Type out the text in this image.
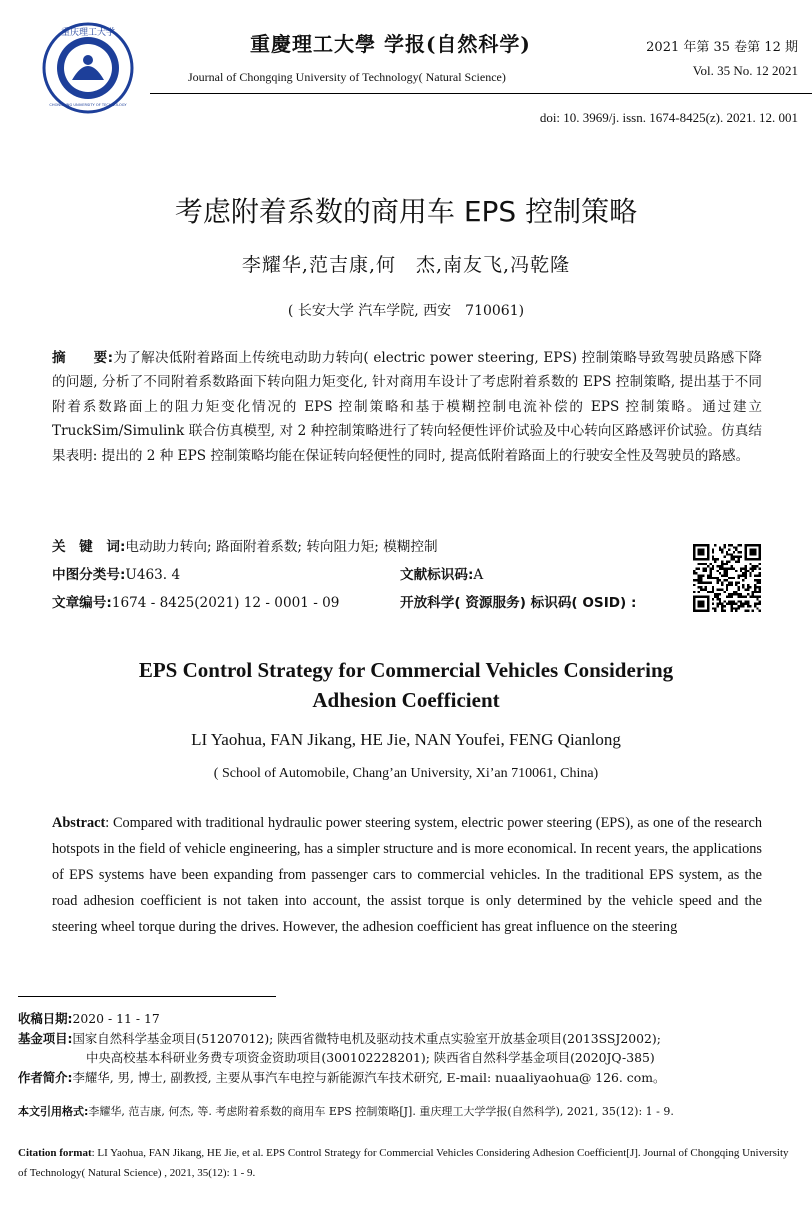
1940
重庆理工大学
CHONGQING UNIVERSITY OF TECHNOLOGY
重慶理工大學 学报(自然科学)
Journal of Chongqing University of Technology( Natural Science)
2021 年第 35 卷第 12 期
Vol. 35 No. 12 2021
doi: 10. 3969/j. issn. 1674-8425(z). 2021. 12. 001
考虑附着系数的商用车 EPS 控制策略
李耀华,范吉康,何　杰,南友飞,冯乾隆
( 长安大学 汽车学院, 西安　710061)
摘　　要:为了解决低附着路面上传统电动助力转向( electric power steering, EPS) 控制策略导致驾驶员路感下降的问题, 分析了不同附着系数路面下转向阻力矩变化, 针对商用车设计了考虑附着系数的 EPS 控制策略, 提出基于不同附着系数路面上的阻力矩变化情况的 EPS 控制策略和基于模糊控制电流补偿的 EPS 控制策略。通过建立 TruckSim/Simulink 联合仿真模型, 对 2 种控制策略进行了转向轻便性评价试验及中心转向区路感评价试验。仿真结果表明: 提出的 2 种 EPS 控制策略均能在保证转向轻便性的同时, 提高低附着路面上的行驶安全性及驾驶员的路感。
关　键　词:电动助力转向; 路面附着系数; 转向阻力矩; 模糊控制
中图分类号:U463. 4	文献标识码:A
文章编号:1674 - 8425(2021) 12 - 0001 - 09	开放科学( 资源服务) 标识码( OSID) :
EPS Control Strategy for Commercial Vehicles Considering
Adhesion Coefficient
LI Yaohua, FAN Jikang, HE Jie, NAN Youfei, FENG Qianlong
( School of Automobile, Chang’an University, Xi’an 710061, China)
Abstract: Compared with traditional hydraulic power steering system, electric power steering (EPS), as one of the research hotspots in the field of vehicle engineering, has a simpler structure and is more economical. In recent years, the applications of EPS systems have been expanding from passenger cars to commercial vehicles. In the traditional EPS system, as the road adhesion coefficient is not taken into account, the assist torque is only determined by the vehicle speed and the steering wheel torque during the drives. However, the adhesion coefficient has great influence on the steering
收稿日期:2020 - 11 - 17
基金项目:国家自然科学基金项目(51207012); 陕西省微特电机及驱动技术重点实验室开放基金项目(2013SSJ2002);
中央高校基本科研业务费专项资金资助项目(300102228201); 陕西省自然科学基金项目(2020JQ-385)
作者简介:李耀华, 男, 博士, 副教授, 主要从事汽车电控与新能源汽车技术研究, E-mail: nuaaliyaohua@ 126. com。
本文引用格式:李耀华, 范吉康, 何杰, 等. 考虑附着系数的商用车 EPS 控制策略[J]. 重庆理工大学学报(自然科学), 2021, 35(12): 1 - 9.
Citation format: LI Yaohua, FAN Jikang, HE Jie, et al. EPS Control Strategy for Commercial Vehicles Considering Adhesion Coefficient[J]. Journal of Chongqing University of Technology( Natural Science) , 2021, 35(12): 1 - 9.
